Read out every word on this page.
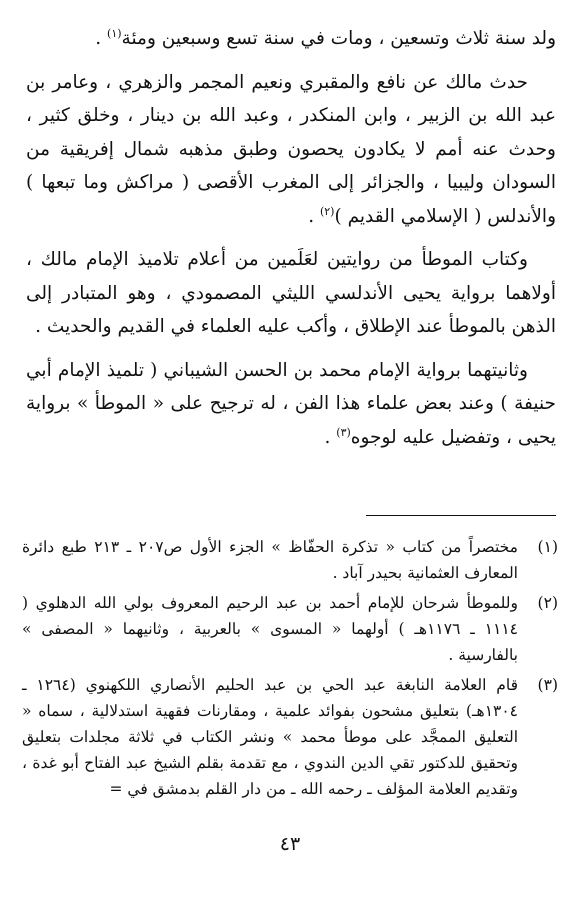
ولد سنة ثلاث وتسعين ، ومات في سنة تسع وسبعين ومئة$^{(١)}$ .

حدث مالك عن نافع والمقبري ونعيم المجمر والزهري ، وعامر بن عبد الله بن الزبير ، وابن المنكدر ، وعبد الله بن دينار ، وخلق كثير ، وحدث عنه أمم لا يكادون يحصون وطبق مذهبه شمال إفريقية من السودان وليبيا ، والجزائر إلى المغرب الأقصى ( مراكش وما تبعها ) والأندلس ( الإسلامي القديم )$^{(٢)}$ .

وكتاب الموطأ من روايتين لعَلَمين من أعلام تلاميذ الإمام مالك ، أولاهما برواية يحيى الأندلسي الليثي المصمودي ، وهو المتبادر إلى الذهن بالموطأ عند الإطلاق ، وأكب عليه العلماء في القديم والحديث .

وثانيتهما برواية الإمام محمد بن الحسن الشيباني ( تلميذ الإمام أبي حنيفة ) وعند بعض علماء هذا الفن ، له ترجيح على « الموطأ » برواية يحيى ، وتفضيل عليه لوجوه$^{(٣)}$ .

(١)
مختصراً من كتاب « تذكرة الحفّاظ » الجزء الأول ص٢٠٧ ـ ٢١٣ طبع دائرة المعارف العثمانية بحيدر آباد .
(٢)
وللموطأ شرحان للإمام أحمد بن عبد الرحيم المعروف بولي الله الدهلوي ( ١١١٤ ـ ١١٧٦هـ ) أولهما « المسوى » بالعربية ، وثانيهما « المصفى » بالفارسية .
(٣)
قام العلامة النابغة عبد الحي بن عبد الحليم الأنصاري اللكهنوي (١٢٦٤ ـ ١٣٠٤هـ) بتعليق مشحون بفوائد علمية ، ومقارنات فقهية استدلالية ، سماه « التعليق الممجَّد على موطأ محمد » ونشر الكتاب في ثلاثة مجلدات بتعليق وتحقيق للدكتور تقي الدين الندوي ، مع تقدمة بقلم الشيخ عبد الفتاح أبو غدة ، وتقديم العلامة المؤلف ـ رحمه الله ـ من دار القلم بدمشق في =
٤٣
